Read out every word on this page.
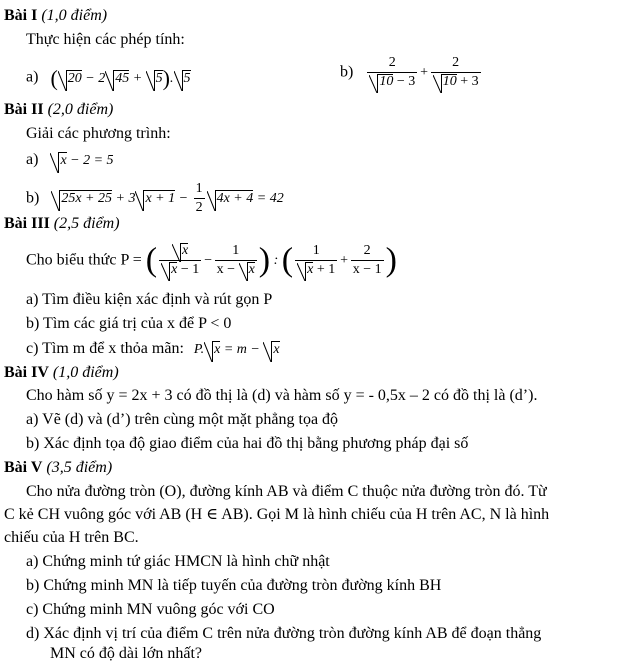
Bài I (1,0 điểm)
Thực hiện các phép tính:
a) ( 20 − 2 45 + 5). 5	$b) \frac{2}{10 - 3} + \frac{2}{10 + 3}$
Bài II (2,0 điểm)
Giải các phương trình:
a) x − 2 = 5
b) 25x + 25 + 3 $x + 1 - \frac{1}{2} 4x + 4 = 42$
Bài III (2,5 điểm)
Cho biểu thức P = ( $\frac{x}{x - 1} - \frac{1}{x - x}$ ) : ( $\frac{1}{x + 1} + \frac{2}{x - 1}$ )
a) Tìm điều kiện xác định và rút gọn P
b) Tìm các giá trị của x để P < 0
c) Tìm m để x thỏa mãn: P. x = m − x
Bài IV (1,0 điểm)
Cho hàm số y = 2x + 3 có đồ thị là (d) và hàm số y = - 0,5x – 2 có đồ thị là (d’).
a) Vẽ (d) và (d’) trên cùng một mặt phẳng tọa độ
b) Xác định tọa độ giao điểm của hai đồ thị bằng phương pháp đại số
Bài V (3,5 điểm)
Cho nửa đường tròn (O), đường kính AB và điểm C thuộc nửa đường tròn đó. Từ
C kẻ CH vuông góc với AB (H ∈ AB). Gọi M là hình chiếu của H trên AC, N là hình
chiếu của H trên BC.
a) Chứng minh tứ giác HMCN là hình chữ nhật
b) Chứng minh MN là tiếp tuyến của đường tròn đường kính BH
c) Chứng minh MN vuông góc với CO
d) Xác định vị trí của điểm C trên nửa đường tròn đường kính AB để đoạn thẳng
MN có độ dài lớn nhất?
